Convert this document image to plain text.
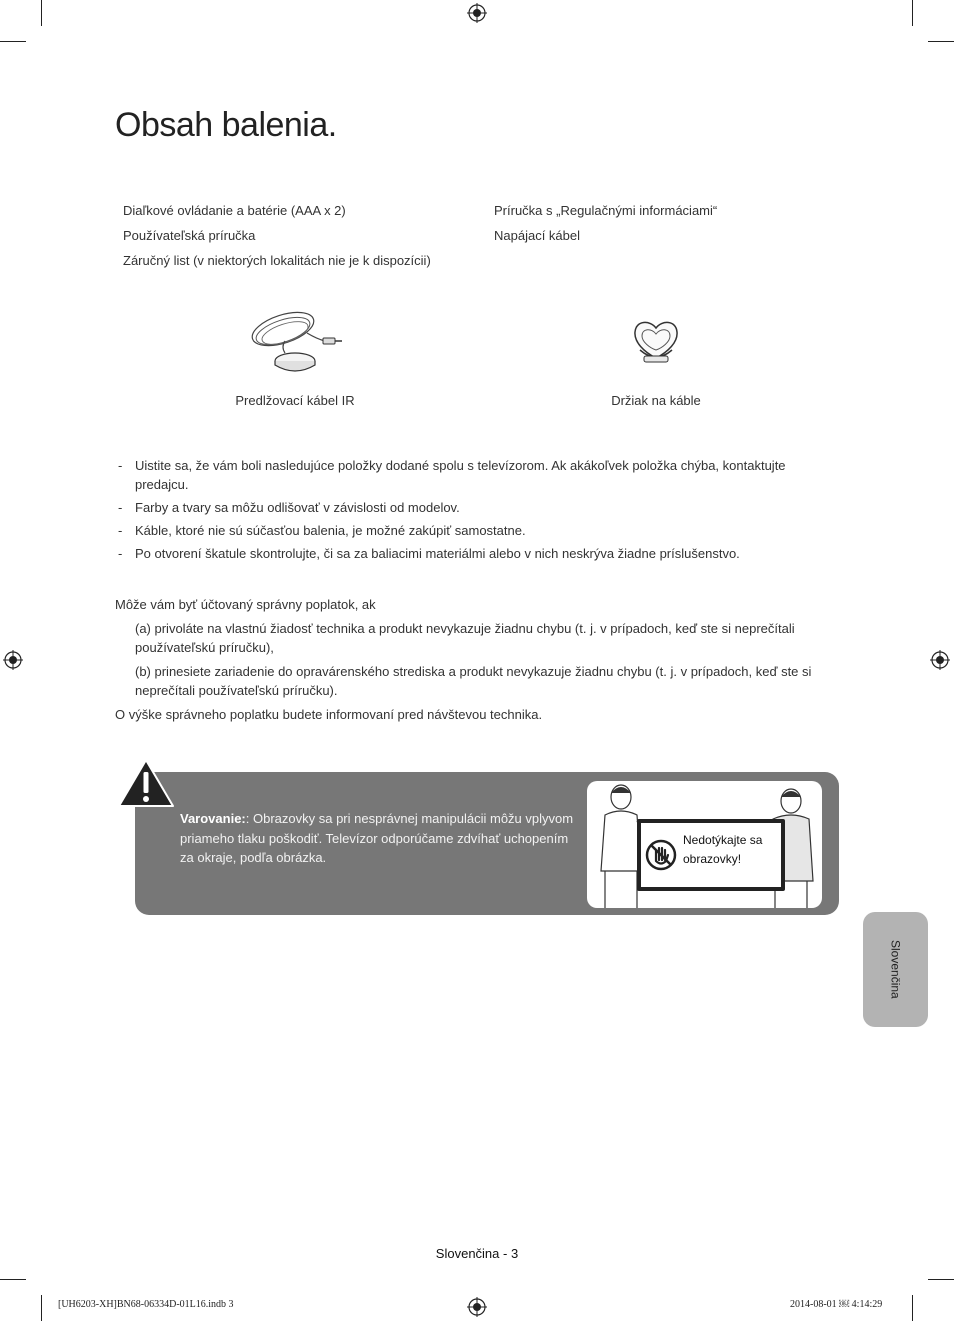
Obsah balenia.
Diaľkové ovládanie a batérie (AAA x 2)
Používateľská príručka
Záručný list (v niektorých lokalitách nie je k dispozícii)
Príručka s „Regulačnými informáciami“
Napájací kábel
Predlžovací kábel IR	Držiak na káble
- Uistite sa, že vám boli nasledujúce položky dodané spolu s televízorom. Ak akákoľvek položka chýba, kontaktujte predajcu.
- Farby a tvary sa môžu odlišovať v závislosti od modelov.
- Káble, ktoré nie sú súčasťou balenia, je možné zakúpiť samostatne.
- Po otvorení škatule skontrolujte, či sa za baliacimi materiálmi alebo v nich neskrýva žiadne príslušenstvo.

Môže vám byť účtovaný správny poplatok, ak

(a) privoláte na vlastnú žiadosť technika a produkt nevykazuje žiadnu chybu (t. j. v prípadoch, keď ste si neprečítali používateľskú príručku),

(b) prinesiete zariadenie do opravárenského strediska a produkt nevykazuje žiadnu chybu (t. j. v prípadoch, keď ste si neprečítali používateľskú príručku).

O výške správneho poplatku budete informovaní pred návštevou technika.

Varovanie:: Obrazovky sa pri nesprávnej manipulácii môžu vplyvom priameho tlaku poškodiť. Televízor odporúčame zdvíhať uchopením za okraje, podľa obrázka.
Nedotýkajte sa obrazovky!
Slovenčina
Slovenčina - 3
[UH6203-XH]BN68-06334D-01L16.indb 3	2014-08-01 ￼ 4:14:29
